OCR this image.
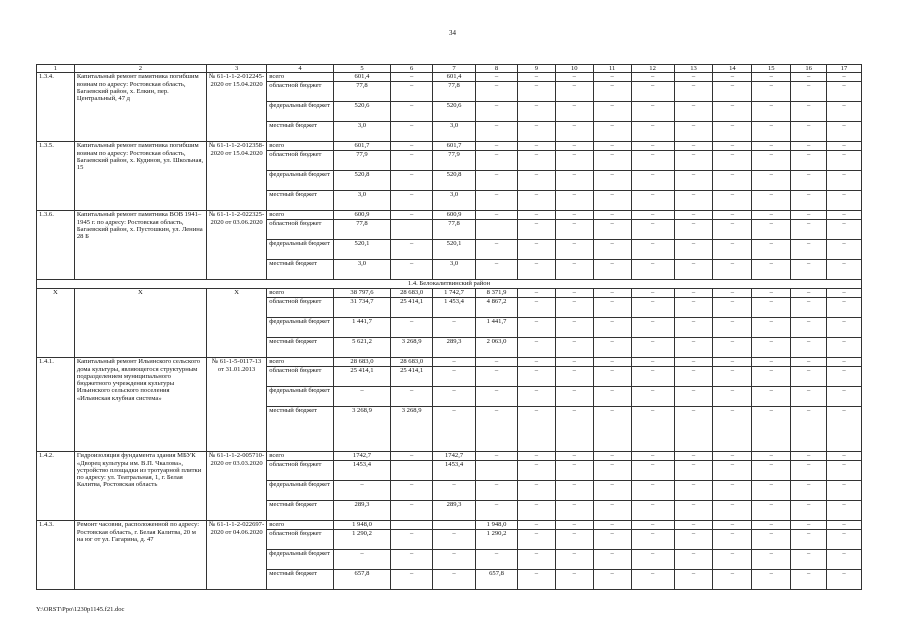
34
1	2	3	4	5	6	7	8	9	10	11	12	13	14	15	16	17
1.3.4.	Капитальный ремонт памятника погибшим воинам по адресу: Ростовская область, Багаевский район, х. Елкин, пер. Центральный, 47 д	№ 61-1-1-2-012245-2020 от 15.04.2020	всего	601,4	–	601,4	–	–	–	–	–	–	–	–	–	–
			областной бюджет	77,8	–	77,8	–	–	–	–	–	–	–	–	–	–
			федеральный бюджет	520,6	–	520,6	–	–	–	–	–	–	–	–	–	–
			местный бюджет	3,0	–	3,0	–	–	–	–	–	–	–	–	–	–
1.3.5.	Капитальный ремонт памятника погибшим воинам по адресу: Ростовская область, Багаевский район, х. Кудинов, ул. Школьная, 15	№ 61-1-1-2-012358-2020 от 15.04.2020	всего	601,7	–	601,7	–	–	–	–	–	–	–	–	–	–
			областной бюджет	77,9	–	77,9	–	–	–	–	–	–	–	–	–	–
			федеральный бюджет	520,8	–	520,8	–	–	–	–	–	–	–	–	–	–
			местный бюджет	3,0	–	3,0	–	–	–	–	–	–	–	–	–	–
1.3.6.	Капитальный ремонт памятника ВОВ 1941–1945 г. по адресу: Ростовская область, Багаевский район, х. Пустошкин, ул. Ленина 28 Б	№ 61-1-1-2-022325-2020 от 03.06.2020	всего	600,9	–	600,9	–	–	–	–	–	–	–	–	–	–
			областной бюджет	77,8		77,8		–	–	–	–	–	–	–	–	–
			федеральный бюджет	520,1	–	520,1	–	–	–	–	–	–	–	–	–	–
			местный бюджет	3,0	–	3,0	–	–	–	–	–	–	–	–	–	–
1.4. Белокалитвинский район																
Х	Х	Х	всего	38 797,6	28 683,0	1 742,7	8 371,9	–	–	–	–	–	–	–	–	–
			областной бюджет	31 734,7	25 414,1	1 453,4	4 867,2	–	–	–	–	–	–	–	–	–
			федеральный бюджет	1 441,7	–	–	1 441,7	–	–	–	–	–	–	–	–	–
			местный бюджет	5 621,2	3 268,9	289,3	2 063,0	–	–	–	–	–	–	–	–	–
1.4.1.	Капитальный ремонт Ильинского сельского дома культуры, являющегося структурным подразделением муниципального бюджетного учреждения культуры Ильинского сельского поселения «Ильинская клубная система»	№ 61-1-5-0117-13 от 31.01.2013	всего	28 683,0	28 683,0	–	–	–	–	–	–	–	–	–	–	–
			областной бюджет	25 414,1	25 414,1	–	–	–	–	–	–	–	–	–	–	–
			федеральный бюджет	–	–	–	–	–	–	–	–	–	–	–	–	–
			местный бюджет	3 268,9	3 268,9	–	–	–	–	–	–	–	–	–	–	–
1.4.2.	Гидроизоляция фундамента здания МБУК «Дворец культуры им. В.П. Чкалова», устройство площадки из тротуарной плитки по адресу: ул. Театральная, 1, г. Белая Калитва, Ростовская область	№ 61-1-1-2-005710-2020 от 03.03.2020	всего	1742,7	–	1742,7	–	–	–	–	–	–	–	–	–	–
			областной бюджет	1453,4		1453,4		–	–	–	–	–	–	–	–	–
			федеральный бюджет	–	–	–	–	–	–	–	–	–	–	–	–	–
			местный бюджет	289,3	–	289,3	–	–	–	–	–	–	–	–	–	–
1.4.3.	Ремонт часовни, расположенной по адресу: Ростовская область, г. Белая Калитва, 20 м на юг от ул. Гагарина, д. 47	№ 61-1-1-2-022697-2020 от 04.06.2020	всего	1 948,0			1 948,0	–	–	–	–	–	–	–	–	–
			областной бюджет	1 290,2	–	–	1 290,2	–	–	–	–	–	–	–	–	–
			федеральный бюджет	–	–	–	–	–	–	–	–	–	–	–	–	–
			местный бюджет	657,8	–	–	657,8	–	–	–	–	–	–	–	–	–
Y:\ORST\Ppo\1230p1145.f21.doc
